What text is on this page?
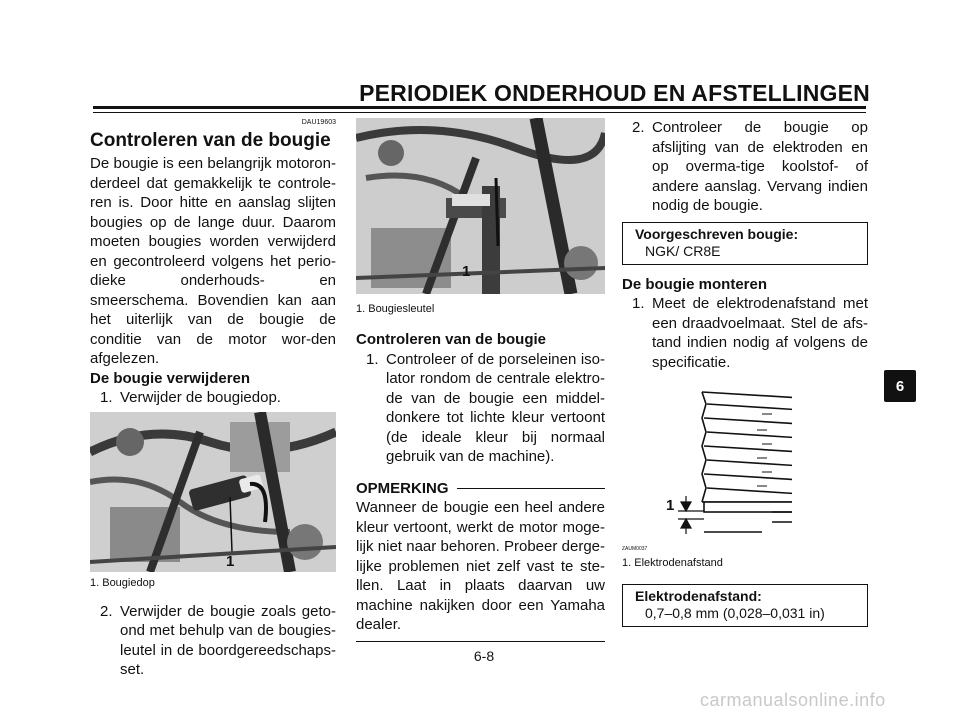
PERIODIEK ONDERHOUD EN AFSTELLINGEN
DAU19603
Controleren van de bougie
De bougie is een belangrijk motoron-derdeel dat gemakkelijk te controle-ren is. Door hitte en aanslag slijten bougies op de lange duur. Daarom moeten bougies worden verwijderd en gecontroleerd volgens het perio-dieke onderhouds- en smeerschema. Bovendien kan aan het uiterlijk van de bougie de conditie van de motor wor-den afgelezen.
De bougie verwijderen
1. Verwijder de bougiedop.
1
1. Bougiedop
2. Verwijder de bougie zoals geto-ond met behulp van de bougies-leutel in de boordgereedschaps-set.
1
1. Bougiesleutel
Controleren van de bougie
1. Controleer of de porseleinen iso-lator rondom de centrale elektro-de van de bougie een middel-donkere tot lichte kleur vertoont (de ideale kleur bij normaal gebruik van de machine).
OPMERKING
Wanneer de bougie een heel andere kleur vertoont, werkt de motor moge-lijk niet naar behoren. Probeer derge-lijke problemen niet zelf vast te ste-llen. Laat in plaats daarvan uw machine nakijken door een Yamaha dealer.
2. Controleer de bougie op afslijting van de elektroden en op overma-tige koolstof- of andere aanslag. Vervang indien nodig de bougie.
Voorgeschreven bougie:
NGK/ CR8E
De bougie monteren
1. Meet de elektrodenafstand met een draadvoelmaat. Stel de afs-tand indien nodig af volgens de specificatie.
1
ZAUM0037
1. Elektrodenafstand
Elektrodenafstand:
0,7–0,8 mm (0,028–0,031 in)
6
6-8
carmanualsonline.info
